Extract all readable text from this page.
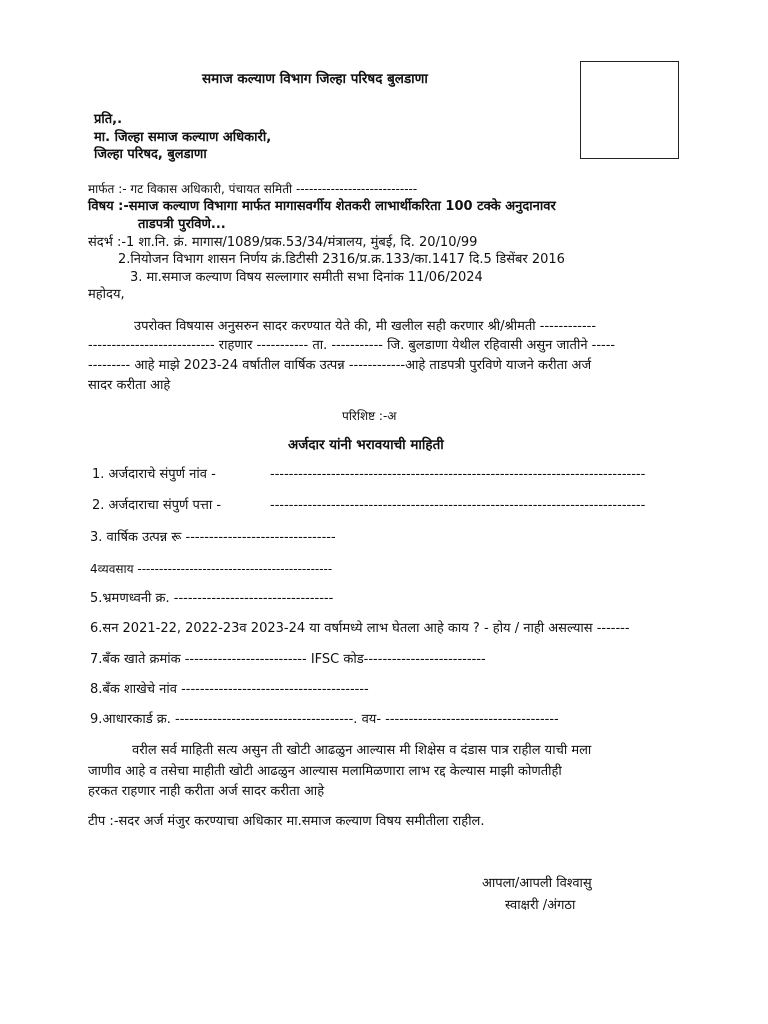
समाज कल्याण विभाग जिल्हा परिषद बुलडाणा
प्रति,.
मा. जिल्हा समाज कल्याण अधिकारी,
जिल्हा परिषद, बुलडाणा
मार्फत :- गट विकास अधिकारी, पंचायत समिती ----------------------------
विषय :-समाज कल्याण विभागा मार्फत मागासवर्गीय शेतकरी लाभार्थीकरिता 100 टक्के अनुदानावर
ताडपत्री पुरविणे...
संदर्भ :-1 शा.नि. क्रं. मागास/1089/प्रक.53/34/मंत्रालय, मुंबई, दि. 20/10/99
2.नियोजन विभाग शासन निर्णय क्रं.डिटीसी 2316/प्र.क्र.133/का.1417 दि.5 डिसेंबर 2016
3. मा.समाज कल्याण विषय सल्लागार समीती सभा दिनांक 11/06/2024
महोदय,
उपरोक्त विषयास अनुसरुन सादर करण्यात येते की, मी खलील सही करणार श्री/श्रीमती ------------
--------------------------- राहणार ----------- ता. ----------- जि. बुलडाणा येथील रहिवासी असुन जातीने -----
--------- आहे माझे 2023-24 वर्षातील वार्षिक उत्पन्न ------------आहे ताडपत्री पुरविणे याजने करीता अर्ज
सादर करीता आहे
परिशिष्ट :-अ
अर्जदार यांनी भरावयाची माहिती
1. अर्जदाराचे संपुर्ण नांव -	--------------------------------------------------------------------------------
2. अर्जदाराचा संपुर्ण पत्ता -	--------------------------------------------------------------------------------
3. वार्षिक उत्पन्न रू --------------------------------
4व्यवसाय ---------------------------------------------
5.भ्रमणध्वनी क्र. ----------------------------------
6.सन 2021-22, 2022-23व 2023-24 या वर्षामध्ये लाभ घेतला आहे काय ? - होय / नाही असल्यास -------
7.बँक खाते क्रमांक -------------------------- IFSC कोड--------------------------
8.बँक शाखेचे नांव ----------------------------------------
9.आधारकार्ड क्र. --------------------------------------. वय- -------------------------------------
वरील सर्व माहिती सत्य असुन ती खोटी आढळुन आल्यास मी शिक्षेस व दंडास पात्र राहील याची मला
जाणीव आहे व तसेचा माहीती खोटी आढळुन आल्यास मलामिळणारा लाभ रद्द केल्यास माझी कोणतीही
हरकत राहणार नाही करीता अर्ज सादर करीता आहे
टीप :-सदर अर्ज मंजुर करण्याचा अधिकार मा.समाज कल्याण विषय समीतीला राहील.
आपला/आपली विश्वासु
स्वाक्षरी /अंगठा
